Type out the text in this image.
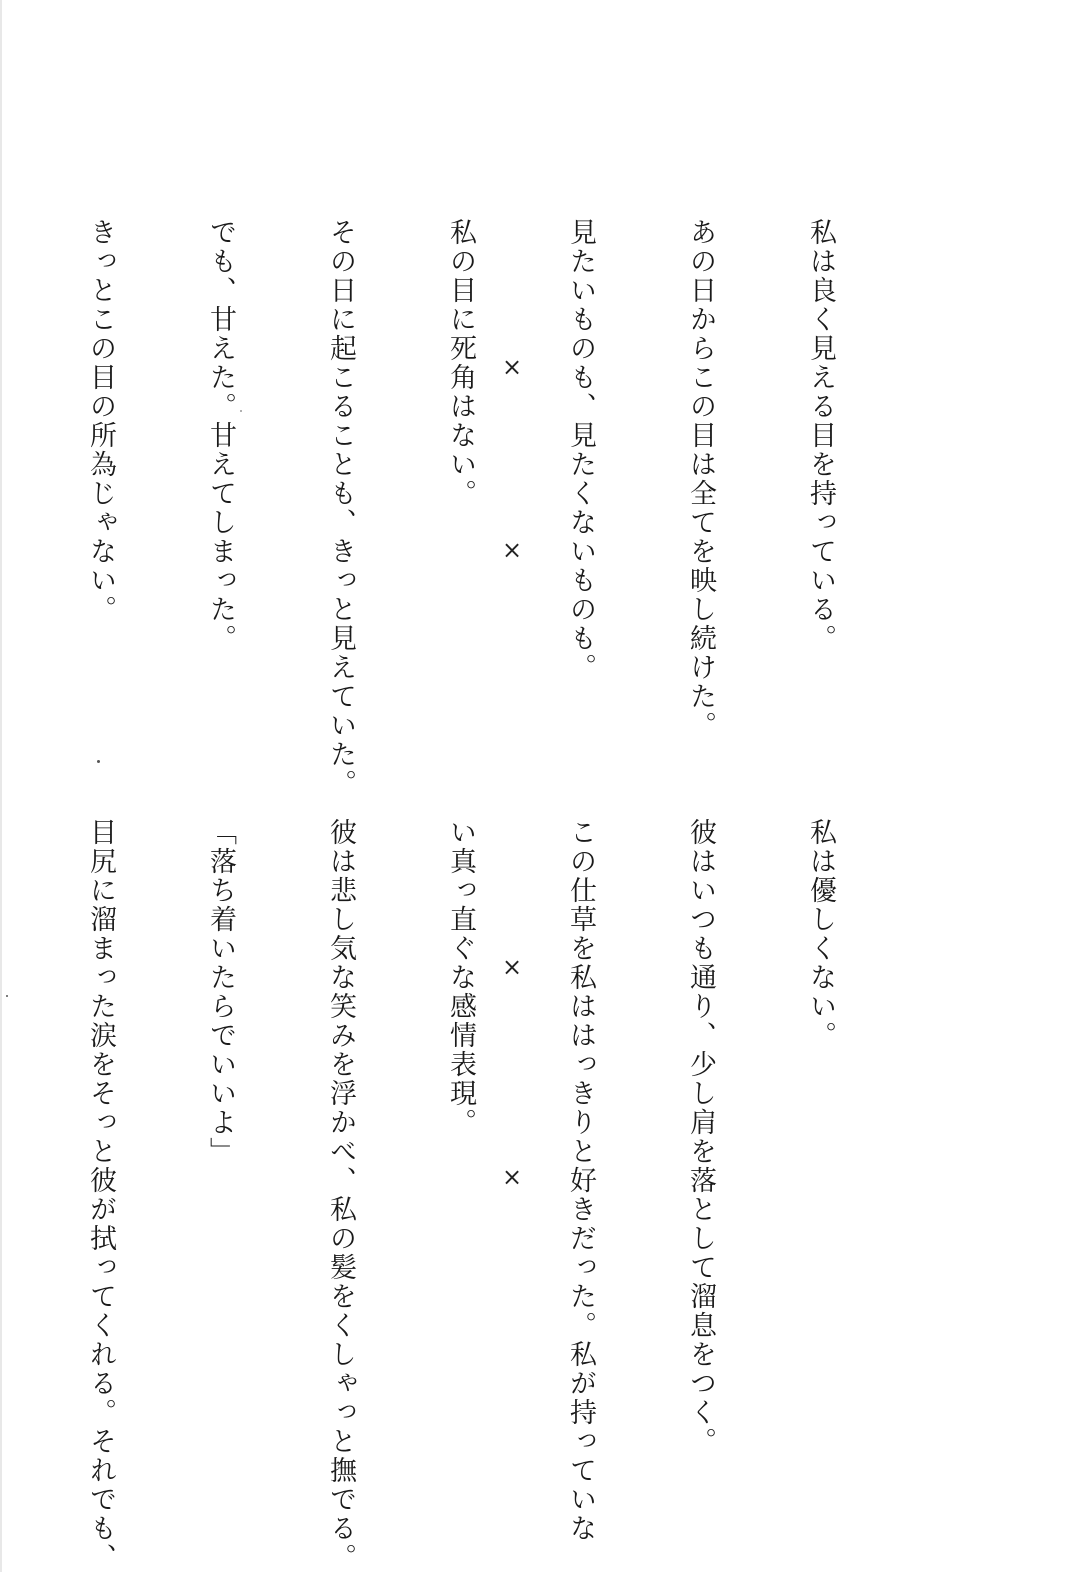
私は良く見える目を持っている。

あの日からこの目は全てを映し続けた。

見たいものも、見たくないものも。

私の目に死角はない。

その日に起こることも、きっと見えていた。

でも、甘えた。甘えてしまった。

きっとこの目の所為じゃない。

	×
×

私は優しくない。

彼はいつも通り、少し肩を落として溜息をつく。

この仕草を私ははっきりと好きだった。私が持っていな

い真っ直ぐな感情表現。

彼は悲し気な笑みを浮かべ、私の髪をくしゃっと撫でる。

「落ち着いたらでいいよ」

目尻に溜まった涙をそっと彼が拭ってくれる。それでも、

	×
×
